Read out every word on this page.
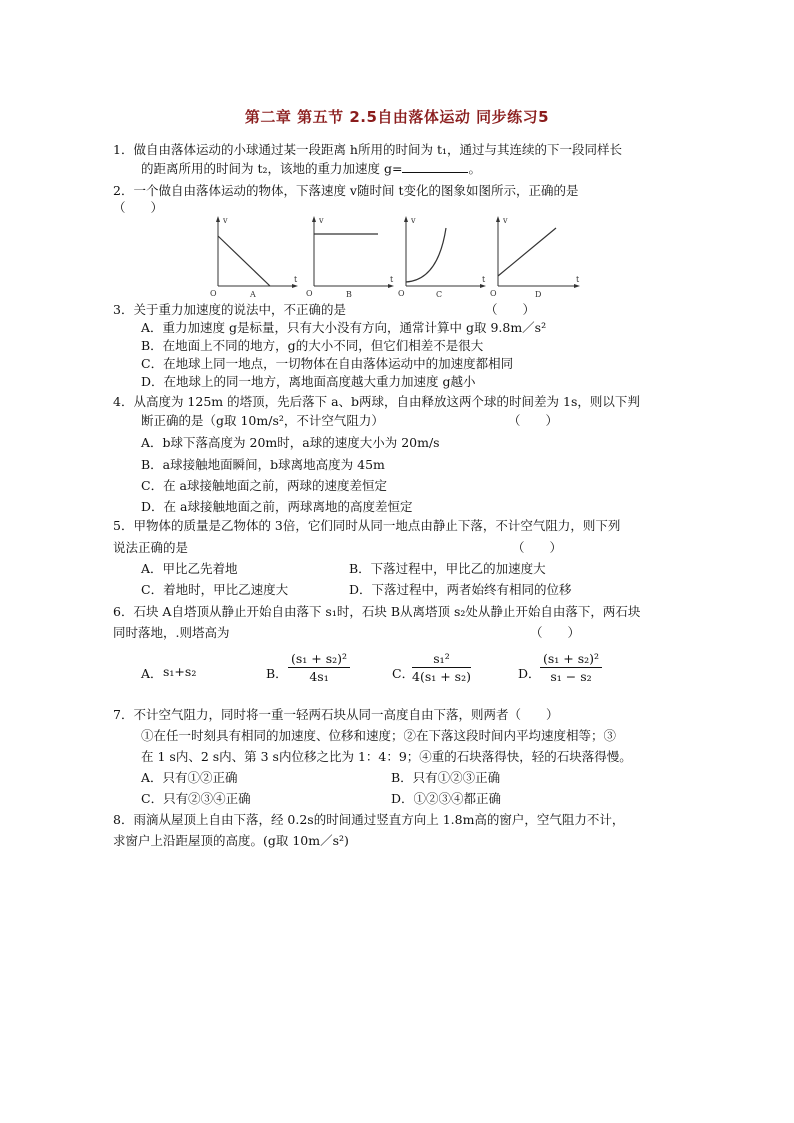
第二章 第五节 2.5自由落体运动 同步练习5
1．做自由落体运动的小球通过某一段距离 h所用的时间为 t₁，通过与其连续的下一段同样长
的距离所用的时间为 t₂，该地的重力加速度 g=	。
2．一个做自由落体运动的物体，下落速度 v随时间 t变化的图象如图所示，正确的是
（　　）
v
t
O	A
v
t
O	B
v
t
O	C
v
t
O	D
3．关于重力加速度的说法中，不正确的是	（　　）
A．重力加速度 g是标量，只有大小没有方向，通常计算中 g取 9.8m／s²
B．在地面上不同的地方，g的大小不同，但它们相差不是很大
C．在地球上同一地点，一切物体在自由落体运动中的加速度都相同
D．在地球上的同一地方，离地面高度越大重力加速度 g越小
4．从高度为 125m 的塔顶，先后落下 a、b两球，自由释放这两个球的时间差为 1s，则以下判
断正确的是（g取 10m/s²，不计空气阻力）	（　　）
A．b球下落高度为 20m时，a球的速度大小为 20m/s
B．a球接触地面瞬间，b球离地高度为 45m
C．在 a球接触地面之前，两球的速度差恒定
D．在 a球接触地面之前，两球离地的高度差恒定
5．甲物体的质量是乙物体的 3倍，它们同时从同一地点由静止下落，不计空气阻力，则下列
说法正确的是	（　　）
A．甲比乙先着地	B．下落过程中，甲比乙的加速度大
C．着地时，甲比乙速度大	D．下落过程中，两者始终有相同的位移
6．石块 A自塔顶从静止开始自由落下 s₁时，石块 B从离塔顶 s₂处从静止开始自由落下，两石块
同时落地，.则塔高为	（　　）
A． s₁+s₂	B． $\frac{\text{(s₁ + s₂)²}}{\text{4s₁}}$	C．
$\frac{\text{s₁²}}{\text{4(s₁ + s₂)}}$	D． $\frac{\text{(s₁ + s₂)²}}{\text{s₁ − s₂}}$
7．不计空气阻力，同时将一重一轻两石块从同一高度自由下落，则两者（　　）
①在任一时刻具有相同的加速度、位移和速度；②在下落这段时间内平均速度相等；③
在 1 s内、2 s内、第 3 s内位移之比为 1：4：9；④重的石块落得快，轻的石块落得慢。
A．只有①②正确	B．只有①②③正确
C．只有②③④正确	D．①②③④都正确
8．雨滴从屋顶上自由下落，经 0.2s的时间通过竖直方向上 1.8m高的窗户，空气阻力不计，
求窗户上沿距屋顶的高度。(g取 10m／s²)
